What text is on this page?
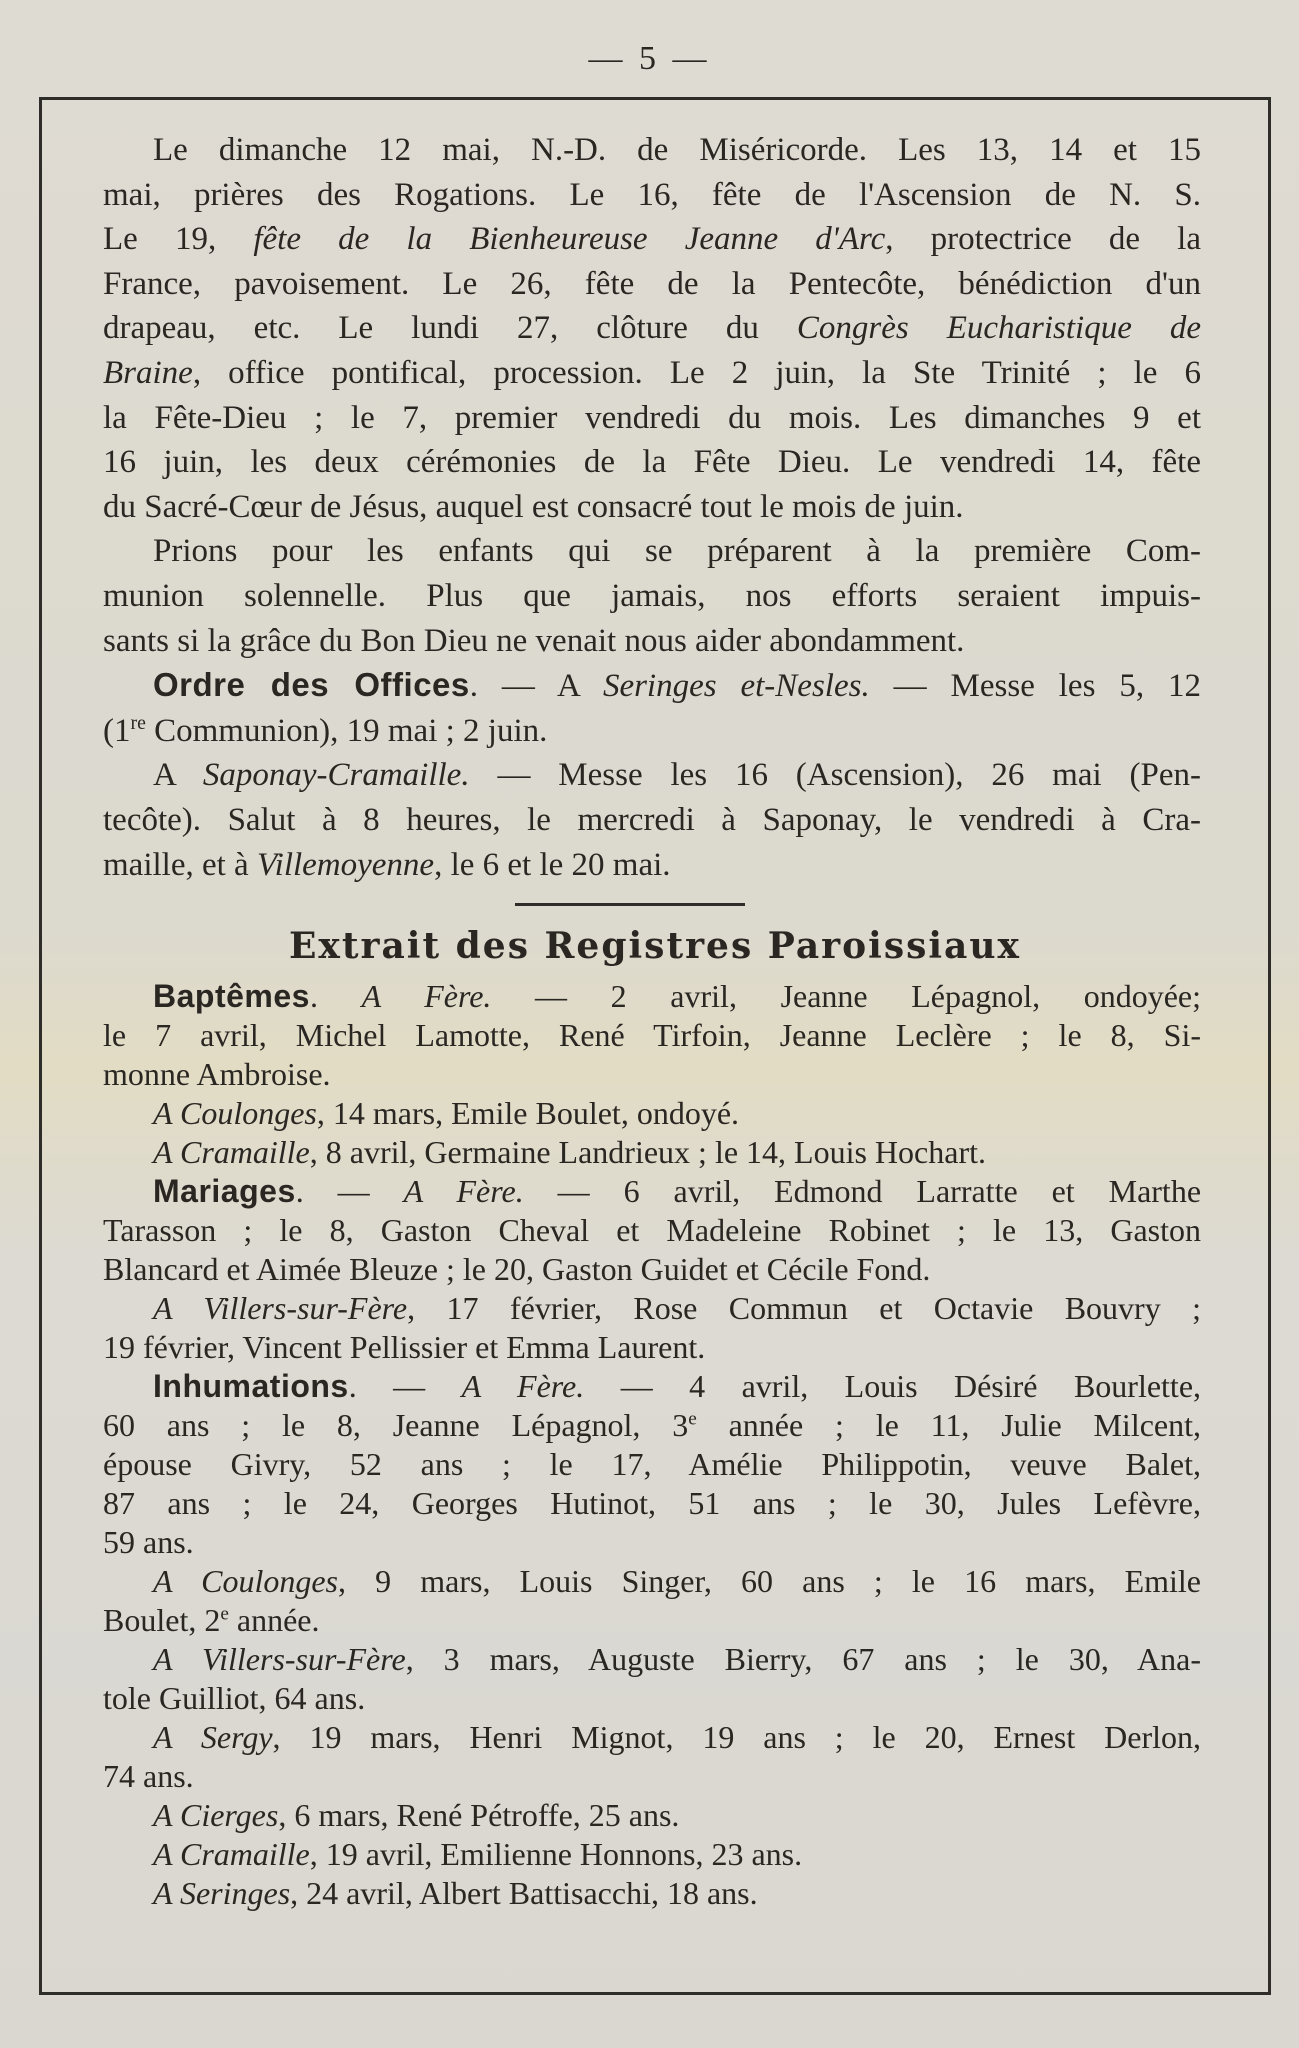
— 5 —
Le dimanche 12 mai, N.-D. de Miséricorde. Les 13, 14 et 15
mai, prières des Rogations. Le 16, fête de l'Ascension de N. S.
Le 19, fête de la Bienheureuse Jeanne d'Arc, protectrice de la
France, pavoisement. Le 26, fête de la Pentecôte, bénédiction d'un
drapeau, etc. Le lundi 27, clôture du Congrès Eucharistique de
Braine, office pontifical, procession. Le 2 juin, la Ste Trinité ; le 6
la Fête-Dieu ; le 7, premier vendredi du mois. Les dimanches 9 et
16 juin, les deux cérémonies de la Fête Dieu. Le vendredi 14, fête
du Sacré-Cœur de Jésus, auquel est consacré tout le mois de juin.
Prions pour les enfants qui se préparent à la première Com-
munion solennelle. Plus que jamais, nos efforts seraient impuis-
sants si la grâce du Bon Dieu ne venait nous aider abondamment.
Ordre des Offices. — A Seringes et-Nesles. — Messe les 5, 12
(1re Communion), 19 mai ; 2 juin.
A Saponay-Cramaille. — Messe les 16 (Ascension), 26 mai (Pen-
tecôte). Salut à 8 heures, le mercredi à Saponay, le vendredi à Cra-
maille, et à Villemoyenne, le 6 et le 20 mai.
Extrait des Registres Paroissiaux
Baptêmes. A Fère. — 2 avril, Jeanne Lépagnol, ondoyée;
le 7 avril, Michel Lamotte, René Tirfoin, Jeanne Leclère ; le 8, Si-
monne Ambroise.
A Coulonges, 14 mars, Emile Boulet, ondoyé.
A Cramaille, 8 avril, Germaine Landrieux ; le 14, Louis Hochart.
Mariages. — A Fère. — 6 avril, Edmond Larratte et Marthe
Tarasson ; le 8, Gaston Cheval et Madeleine Robinet ; le 13, Gaston
Blancard et Aimée Bleuze ; le 20, Gaston Guidet et Cécile Fond.
A Villers-sur-Fère, 17 février, Rose Commun et Octavie Bouvry ;
19 février, Vincent Pellissier et Emma Laurent.
Inhumations. — A Fère. — 4 avril, Louis Désiré Bourlette,
60 ans ; le 8, Jeanne Lépagnol, 3e année ; le 11, Julie Milcent,
épouse Givry, 52 ans ; le 17, Amélie Philippotin, veuve Balet,
87 ans ; le 24, Georges Hutinot, 51 ans ; le 30, Jules Lefèvre,
59 ans.
A Coulonges, 9 mars, Louis Singer, 60 ans ; le 16 mars, Emile
Boulet, 2e année.
A Villers-sur-Fère, 3 mars, Auguste Bierry, 67 ans ; le 30, Ana-
tole Guilliot, 64 ans.
A Sergy, 19 mars, Henri Mignot, 19 ans ; le 20, Ernest Derlon,
74 ans.
A Cierges, 6 mars, René Pétroffe, 25 ans.
A Cramaille, 19 avril, Emilienne Honnons, 23 ans.
A Seringes, 24 avril, Albert Battisacchi, 18 ans.
